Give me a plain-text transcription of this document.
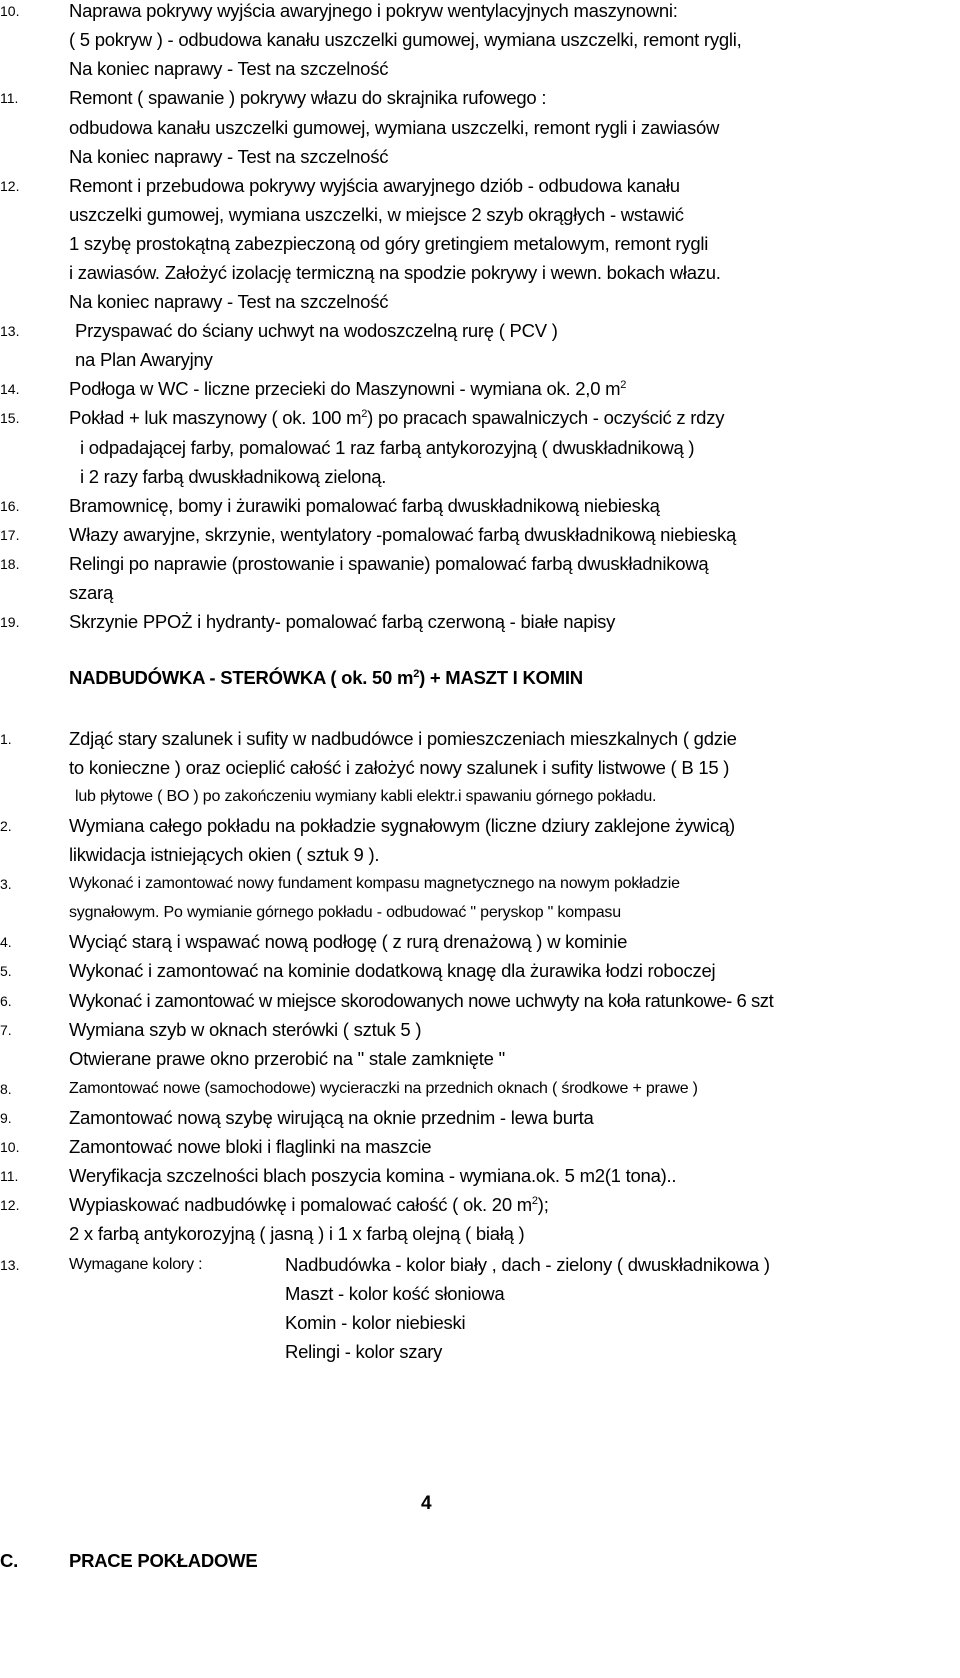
10.	Naprawa pokrywy wyjścia awaryjnego i pokryw wentylacyjnych maszynowni:
( 5 pokryw ) - odbudowa kanału uszczelki gumowej, wymiana uszczelki, remont rygli,
Na koniec naprawy - Test na szczelność
11.	Remont ( spawanie ) pokrywy włazu do skrajnika rufowego :
odbudowa kanału uszczelki gumowej, wymiana uszczelki, remont rygli i zawiasów
Na koniec naprawy - Test na szczelność
12.	Remont i przebudowa pokrywy wyjścia awaryjnego dziób - odbudowa kanału
uszczelki gumowej, wymiana uszczelki, w miejsce 2 szyb okrągłych - wstawić
1 szybę prostokątną zabezpieczoną od góry gretingiem metalowym, remont rygli
i zawiasów. Założyć izolację termiczną na spodzie pokrywy i wewn. bokach włazu.
Na koniec naprawy - Test na szczelność
13.	Przyspawać do ściany uchwyt na wodoszczelną rurę ( PCV )
na Plan Awaryjny
14.	Podłoga w WC - liczne przecieki do Maszynowni - wymiana ok. 2,0 $m^2$
15.	Pokład + luk maszynowy ( ok. 100 $m^2$) po pracach spawalniczych - oczyścić z rdzy
i odpadającej farby, pomalować 1 raz farbą antykorozyjną ( dwuskładnikową )
i 2 razy farbą dwuskładnikową zieloną.
16.	Bramownicę, bomy i żurawiki pomalować farbą dwuskładnikową niebieską
17.	Włazy awaryjne, skrzynie, wentylatory -pomalować farbą dwuskładnikową niebieską
18.	Relingi po naprawie (prostowanie i spawanie) pomalować farbą dwuskładnikową
szarą
19.	Skrzynie PPOŻ i hydranty- pomalować farbą czerwoną - białe napisy
NADBUDÓWKA - STERÓWKA ( ok. 50 $m^2$) + MASZT I KOMIN
1.	Zdjąć stary szalunek i sufity w nadbudówce i pomieszczeniach mieszkalnych ( gdzie
to konieczne ) oraz ocieplić całość i założyć nowy szalunek i sufity listwowe ( B 15 )
lub płytowe ( BO ) po zakończeniu wymiany kabli elektr.i spawaniu górnego pokładu.
2.	Wymiana całego pokładu na pokładzie sygnałowym (liczne dziury zaklejone żywicą)
likwidacja istniejących okien ( sztuk 9 ).
3.	Wykonać i zamontować nowy fundament kompasu magnetycznego na nowym pokładzie
sygnałowym. Po wymianie górnego pokładu - odbudować " peryskop " kompasu
4.	Wyciąć starą i wspawać nową podłogę ( z rurą drenażową ) w kominie
5.	Wykonać i zamontować na kominie dodatkową knagę dla żurawika łodzi roboczej
6.	Wykonać i zamontować w miejsce skorodowanych nowe uchwyty na koła ratunkowe- 6 szt
7.	Wymiana szyb w oknach sterówki ( sztuk 5 )
Otwierane prawe okno przerobić na " stale zamknięte "
8.	Zamontować nowe (samochodowe) wycieraczki na przednich oknach ( środkowe + prawe )
9.	Zamontować nową szybę wirującą na oknie przednim - lewa burta
10.	Zamontować nowe bloki i flaglinki na maszcie
11.	Weryfikacja szczelności blach poszycia komina - wymiana.ok. 5 m2(1 tona)..
12.	Wypiaskować nadbudówkę i pomalować całość ( ok. 20 $m^2$);
2 x farbą antykorozyjną ( jasną ) i 1 x farbą olejną ( białą )
13.	Wymagane kolory :	Nadbudówka - kolor biały , dach - zielony ( dwuskładnikowa )
Maszt - kolor kość słoniowa
Komin - kolor niebieski
Relingi - kolor szary
4
C.	PRACE POKŁADOWE
